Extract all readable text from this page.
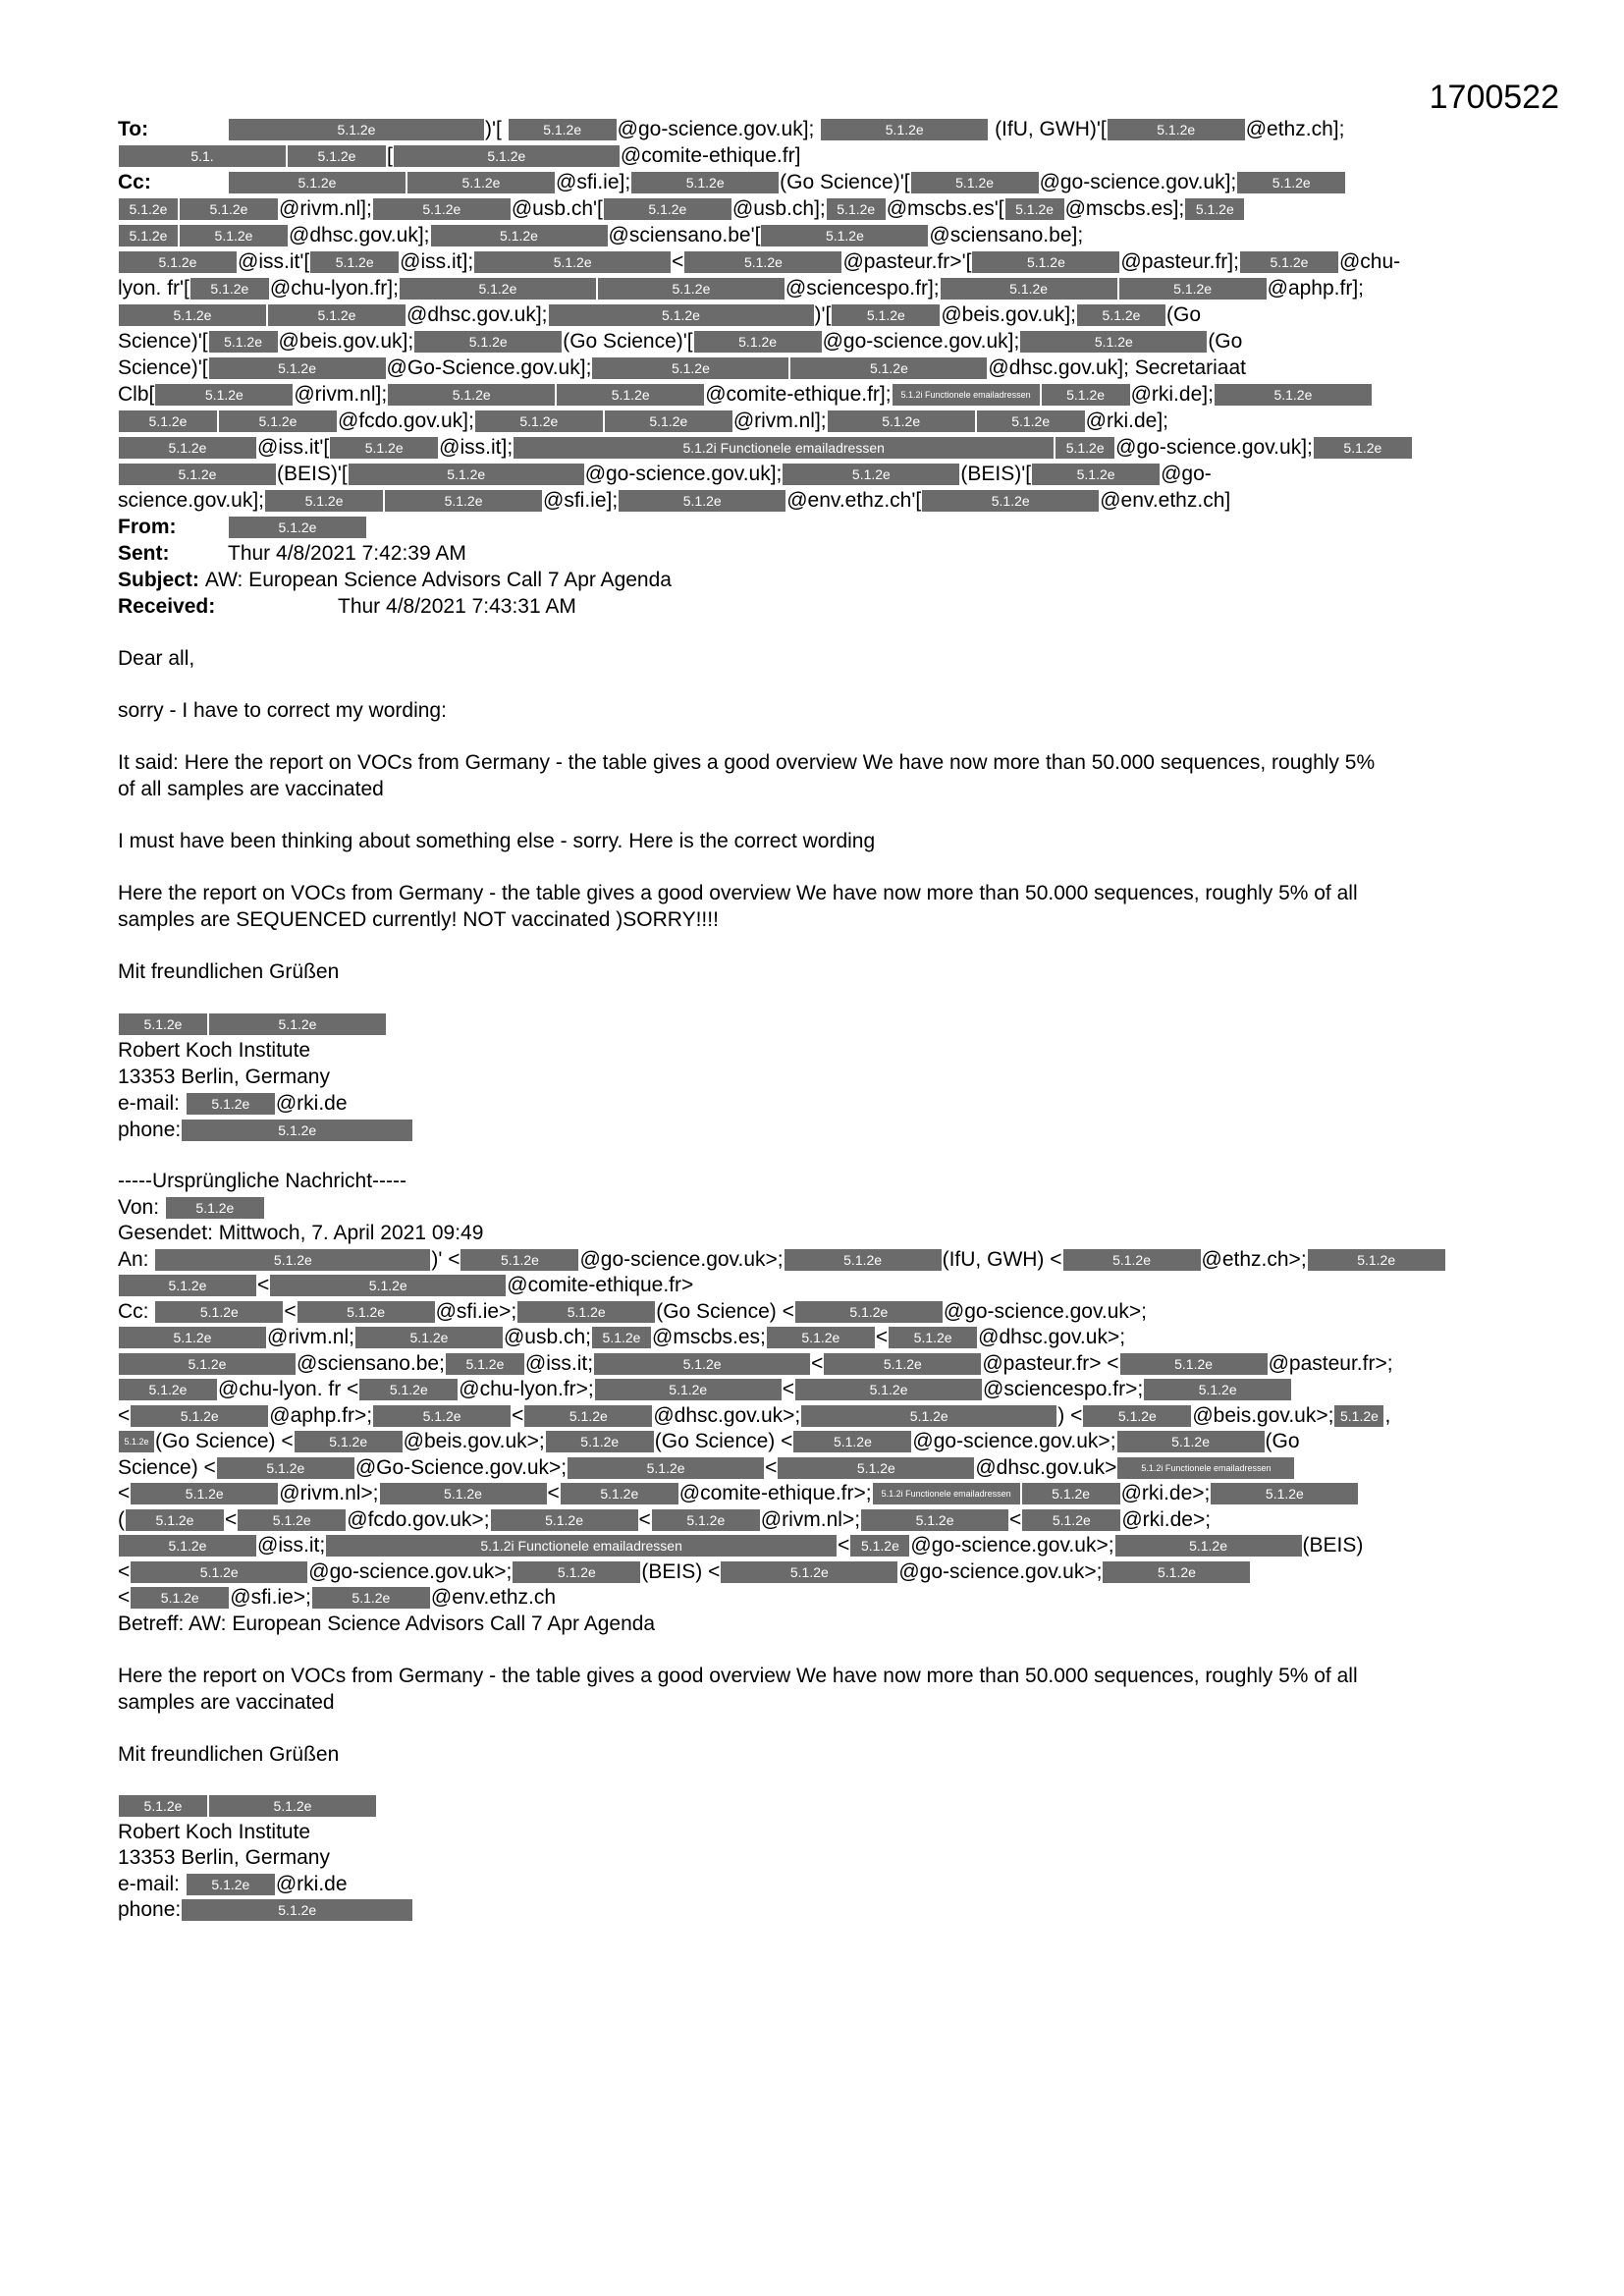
1700522
To:	5.1.2e	)'[	5.1.2e @go-science.gov.uk];	5.1.2e	(IfU, GWH)'[	5.1.2e @ethz.ch];
5.1.	5.1.2e [	5.1.2e	@comite-ethique.fr]
Cc:	5.1.2e	5.1.2e	@sfi.ie];	5.1.2e	(Go Science)'[	5.1.2e @go-science.gov.uk];	5.1.2e
5.1.2e	5.1.2e @rivm.nl];	5.1.2e @usb.ch'[	5.1.2e @usb.ch]; 5.1.2e @mscbs.es'[ 5.1.2e @mscbs.es]; 5.1.2e
5.1.2e	5.1.2e @dhsc.gov.uk];	5.1.2e	@sciensano.be'[	5.1.2e	@sciensano.be];
5.1.2e @iss.it'[ 5.1.2e @iss.it];	5.1.2e	<	5.1.2e	@pasteur.fr>'[	5.1.2e	@pasteur.fr]; 5.1.2e @chu-
lyon. fr'[ 5.1.2e @chu-lyon.fr];	5.1.2e	5.1.2e	@sciencespo.fr];	5.1.2e	5.1.2e	@aphp.fr];
5.1.2e	5.1.2e @dhsc.gov.uk];	5.1.2e	)'[	5.1.2e @beis.gov.uk]; 5.1.2e (Go
Science)'[ 5.1.2e @beis.gov.uk];	5.1.2e	(Go Science)'[	5.1.2e @go-science.gov.uk];	5.1.2e	(Go
Science)'[	5.1.2e	@Go-Science.gov.uk];	5.1.2e	5.1.2e	@dhsc.gov.uk]; Secretariaat
Clb[	5.1.2e @rivm.nl];	5.1.2e	5.1.2e	@comite-ethique.fr]; 5.1.2i Functionele emailadressen	5.1.2e @rki.de];	5.1.2e
5.1.2e	5.1.2e @fcdo.gov.uk];	5.1.2e	5.1.2e @rivm.nl];	5.1.2e	5.1.2e @rki.de];
5.1.2e @iss.it'[	5.1.2e @iss.it];	5.1.2i Functionele emailadressen	5.1.2e @go-science.gov.uk]; 5.1.2e
5.1.2e	(BEIS)'[	5.1.2e	@go-science.gov.uk];	5.1.2e	(BEIS)'[	5.1.2e @go-
science.gov.uk];	5.1.2e	5.1.2e	@sfi.ie];	5.1.2e	@env.ethz.ch'[	5.1.2e	@env.ethz.ch]
From:	5.1.2e
Sent:	Thur 4/8/2021 7:42:39 AM
Subject: AW: European Science Advisors Call 7 Apr Agenda
Received:	Thur 4/8/2021 7:43:31 AM
Dear all,
sorry - I have to correct my wording:

It said: Here the report on VOCs from Germany - the table gives a good overview We have now more than 50.000 sequences, roughly 5%

of all samples are vaccinated

I must have been thinking about something else - sorry. Here is the correct wording

Here the report on VOCs from Germany - the table gives a good overview We have now more than 50.000 sequences, roughly 5% of all

samples are SEQUENCED currently! NOT vaccinated )SORRY!!!!

Mit freundlichen Grüßen
5.1.2e	5.1.2e
Robert Koch Institute
13353 Berlin, Germany
e-mail: 5.1.2e @rki.de
phone:	5.1.2e
-----Ursprüngliche Nachricht-----
Von:	5.1.2e
Gesendet: Mittwoch, 7. April 2021 09:49
An:	5.1.2e	)' <	5.1.2e @go-science.gov.uk>;	5.1.2e	(IfU, GWH) <	5.1.2e @ethz.ch>;	5.1.2e
5.1.2e <	5.1.2e	@comite-ethique.fr>
Cc:	5.1.2e <	5.1.2e @sfi.ie>;	5.1.2e (Go Science) <	5.1.2e	@go-science.gov.uk>;
5.1.2e	@rivm.nl;	5.1.2e	@usb.ch; 5.1.2e @mscbs.es;	5.1.2e < 5.1.2e @dhsc.gov.uk>;
5.1.2e	@sciensano.be; 5.1.2e @iss.it;	5.1.2e	<	5.1.2e	@pasteur.fr> <	5.1.2e	@pasteur.fr>;
5.1.2e @chu-lyon. fr < 5.1.2e @chu-lyon.fr>;	5.1.2e	<	5.1.2e	@sciencespo.fr>;	5.1.2e
<	5.1.2e @aphp.fr>;	5.1.2e <	5.1.2e @dhsc.gov.uk>;	5.1.2e	) <	5.1.2e @beis.gov.uk>; 5.1.2e ,
5.1.2e (Go Science) <	5.1.2e @beis.gov.uk>;	5.1.2e (Go Science) <	5.1.2e @go-science.gov.uk>;	5.1.2e	(Go
Science) <	5.1.2e @Go-Science.gov.uk>;	5.1.2e	<	5.1.2e	@dhsc.gov.uk>	5.1.2i Functionele emailadressen
<	5.1.2e	@rivm.nl>;	5.1.2e	<	5.1.2e @comite-ethique.fr>; 5.1.2i Functionele emailadressen	5.1.2e @rki.de>;	5.1.2e
( 5.1.2e <	5.1.2e @fcdo.gov.uk>;	5.1.2e	<	5.1.2e @rivm.nl>;	5.1.2e	< 5.1.2e @rki.de>;
5.1.2e @iss.it;	5.1.2i Functionele emailadressen	< 5.1.2e @go-science.gov.uk>;	5.1.2e	(BEIS)
<	5.1.2e	@go-science.gov.uk>;	5.1.2e (BEIS) <	5.1.2e	@go-science.gov.uk>;	5.1.2e
< 5.1.2e @sfi.ie>;	5.1.2e @env.ethz.ch
Betreff: AW: European Science Advisors Call 7 Apr Agenda

Here the report on VOCs from Germany - the table gives a good overview We have now more than 50.000 sequences, roughly 5% of all

samples are vaccinated

Mit freundlichen Grüßen
5.1.2e	5.1.2e
Robert Koch Institute
13353 Berlin, Germany
e-mail: 5.1.2e @rki.de
phone:	5.1.2e
